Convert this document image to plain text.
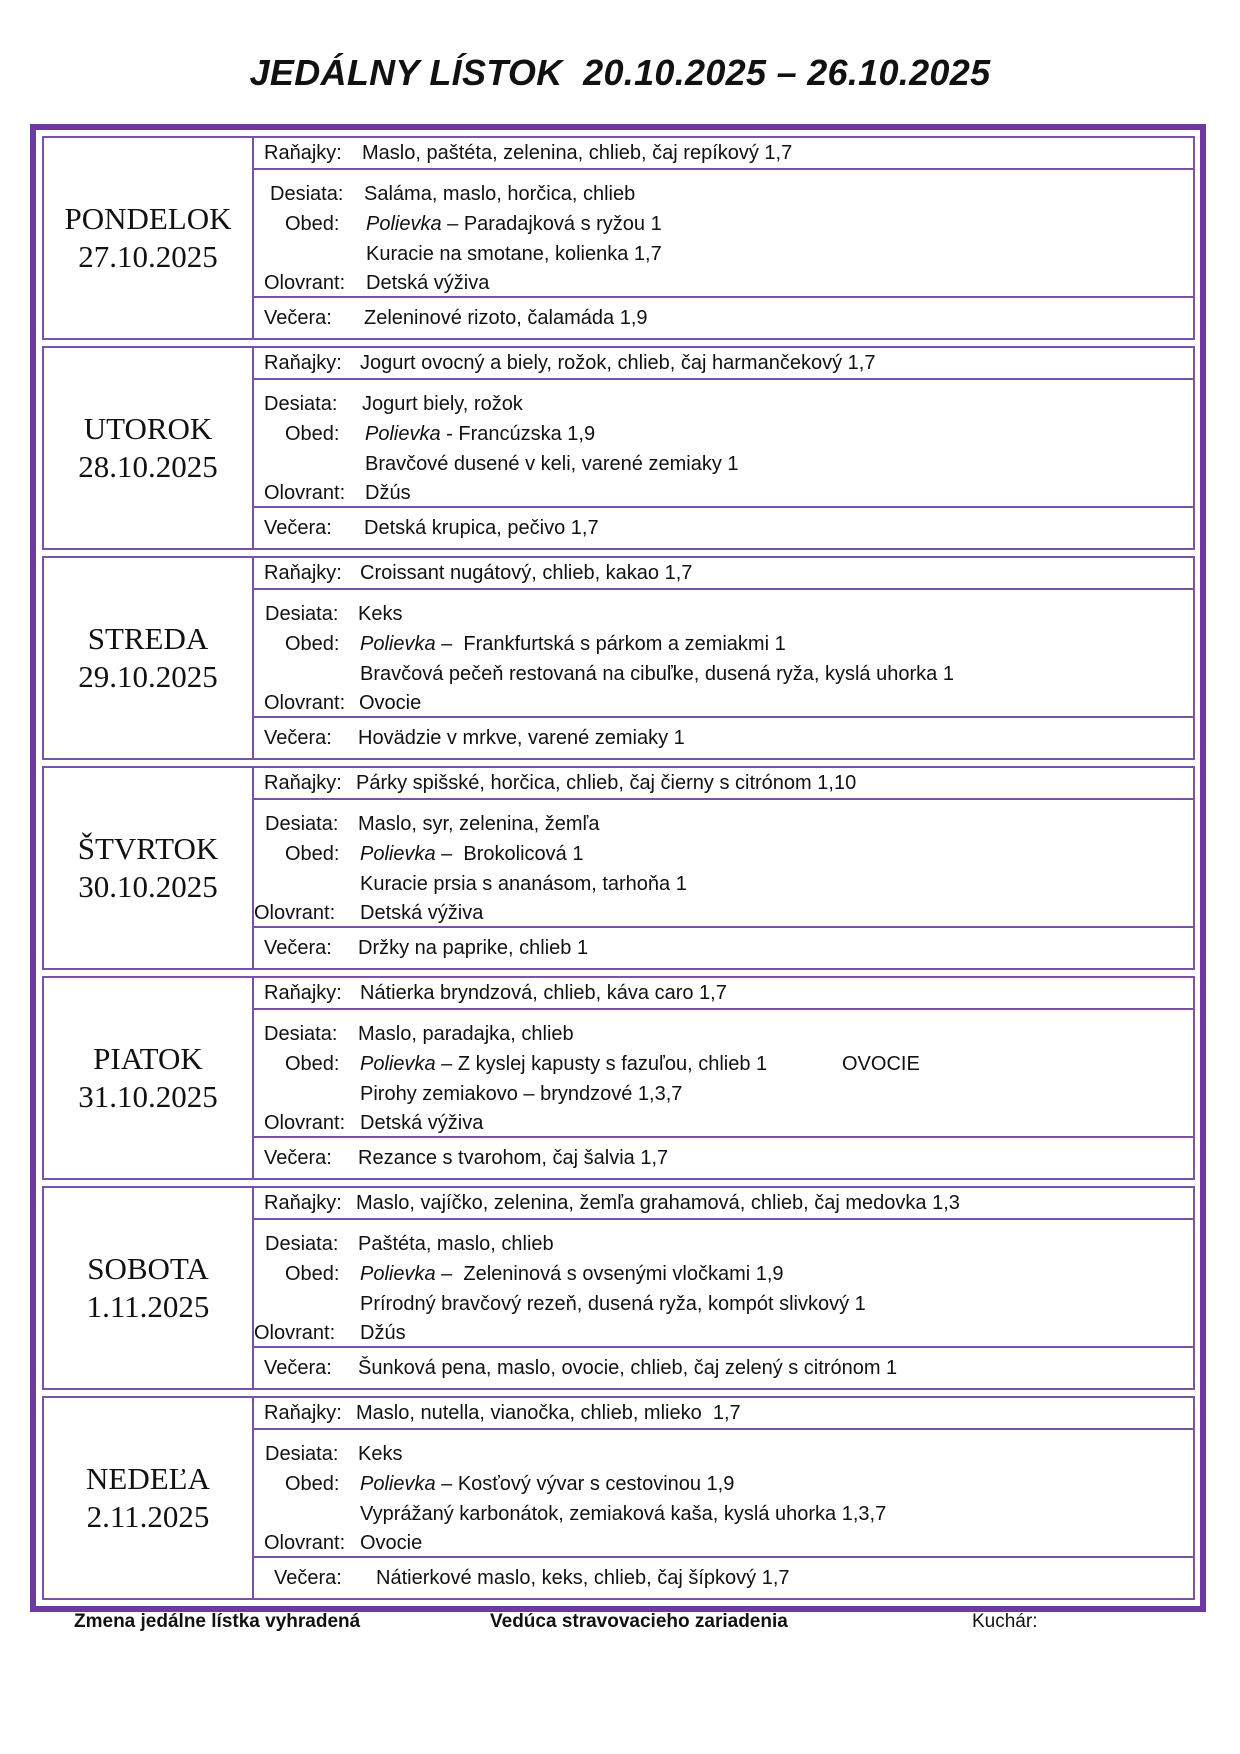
JEDÁLNY LÍSTOK  20.10.2025 – 26.10.2025
PONDELOK
27.10.2025
Raňajky: Maslo, paštéta, zelenina, chlieb, čaj repíkový 1,7
Desiata: Saláma, maslo, horčica, chlieb
Obed: Polievka – Paradajková s ryžou 1
Kuracie na smotane, kolienka 1,7
Olovrant: Detská výživa
Večera: Zeleninové rizoto, čalamáda 1,9
UTOROK
28.10.2025
Raňajky: Jogurt ovocný a biely, rožok, chlieb, čaj harmančekový 1,7
Desiata: Jogurt biely, rožok
Obed: Polievka - Francúzska 1,9
Bravčové dusené v keli, varené zemiaky 1
Olovrant: Džús
Večera: Detská krupica, pečivo 1,7
STREDA
29.10.2025
Raňajky: Croissant nugátový, chlieb, kakao 1,7
Desiata: Keks
Obed: Polievka –  Frankfurtská s párkom a zemiakmi 1
Bravčová pečeň restovaná na cibuľke, dusená ryža, kyslá uhorka 1
Olovrant: Ovocie
Večera: Hovädzie v mrkve, varené zemiaky 1
ŠTVRTOK
30.10.2025
Raňajky: Párky spišské, horčica, chlieb, čaj čierny s citrónom 1,10
Desiata: Maslo, syr, zelenina, žemľa
Obed: Polievka –  Brokolicová 1
Kuracie prsia s ananásom, tarhoňa 1
Olovrant: Detská výživa
Večera: Držky na paprike, chlieb 1
PIATOK
31.10.2025
Raňajky: Nátierka bryndzová, chlieb, káva caro 1,7
Desiata: Maslo, paradajka, chlieb
Obed: Polievka – Z kyslej kapusty s fazuľou, chlieb 1	OVOCIE
Pirohy zemiakovo – bryndzové 1,3,7
Olovrant: Detská výživa
Večera: Rezance s tvarohom, čaj šalvia 1,7
SOBOTA
1.11.2025
Raňajky: Maslo, vajíčko, zelenina, žemľa grahamová, chlieb, čaj medovka 1,3
Desiata: Paštéta, maslo, chlieb
Obed: Polievka –  Zeleninová s ovsenými vločkami 1,9
Prírodný bravčový rezeň, dusená ryža, kompót slivkový 1
Olovrant: Džús
Večera: Šunková pena, maslo, ovocie, chlieb, čaj zelený s citrónom 1
NEDEĽA
2.11.2025
Raňajky: Maslo, nutella, vianočka, chlieb, mlieko  1,7
Desiata: Keks
Obed: Polievka – Kosťový vývar s cestovinou 1,9
Vyprážaný karbonátok, zemiaková kaša, kyslá uhorka 1,3,7
Olovrant: Ovocie
Večera: Nátierkové maslo, keks, chlieb, čaj šípkový 1,7
Zmena jedálne lístka vyhradená	Vedúca stravovacieho zariadenia	Kuchár:
